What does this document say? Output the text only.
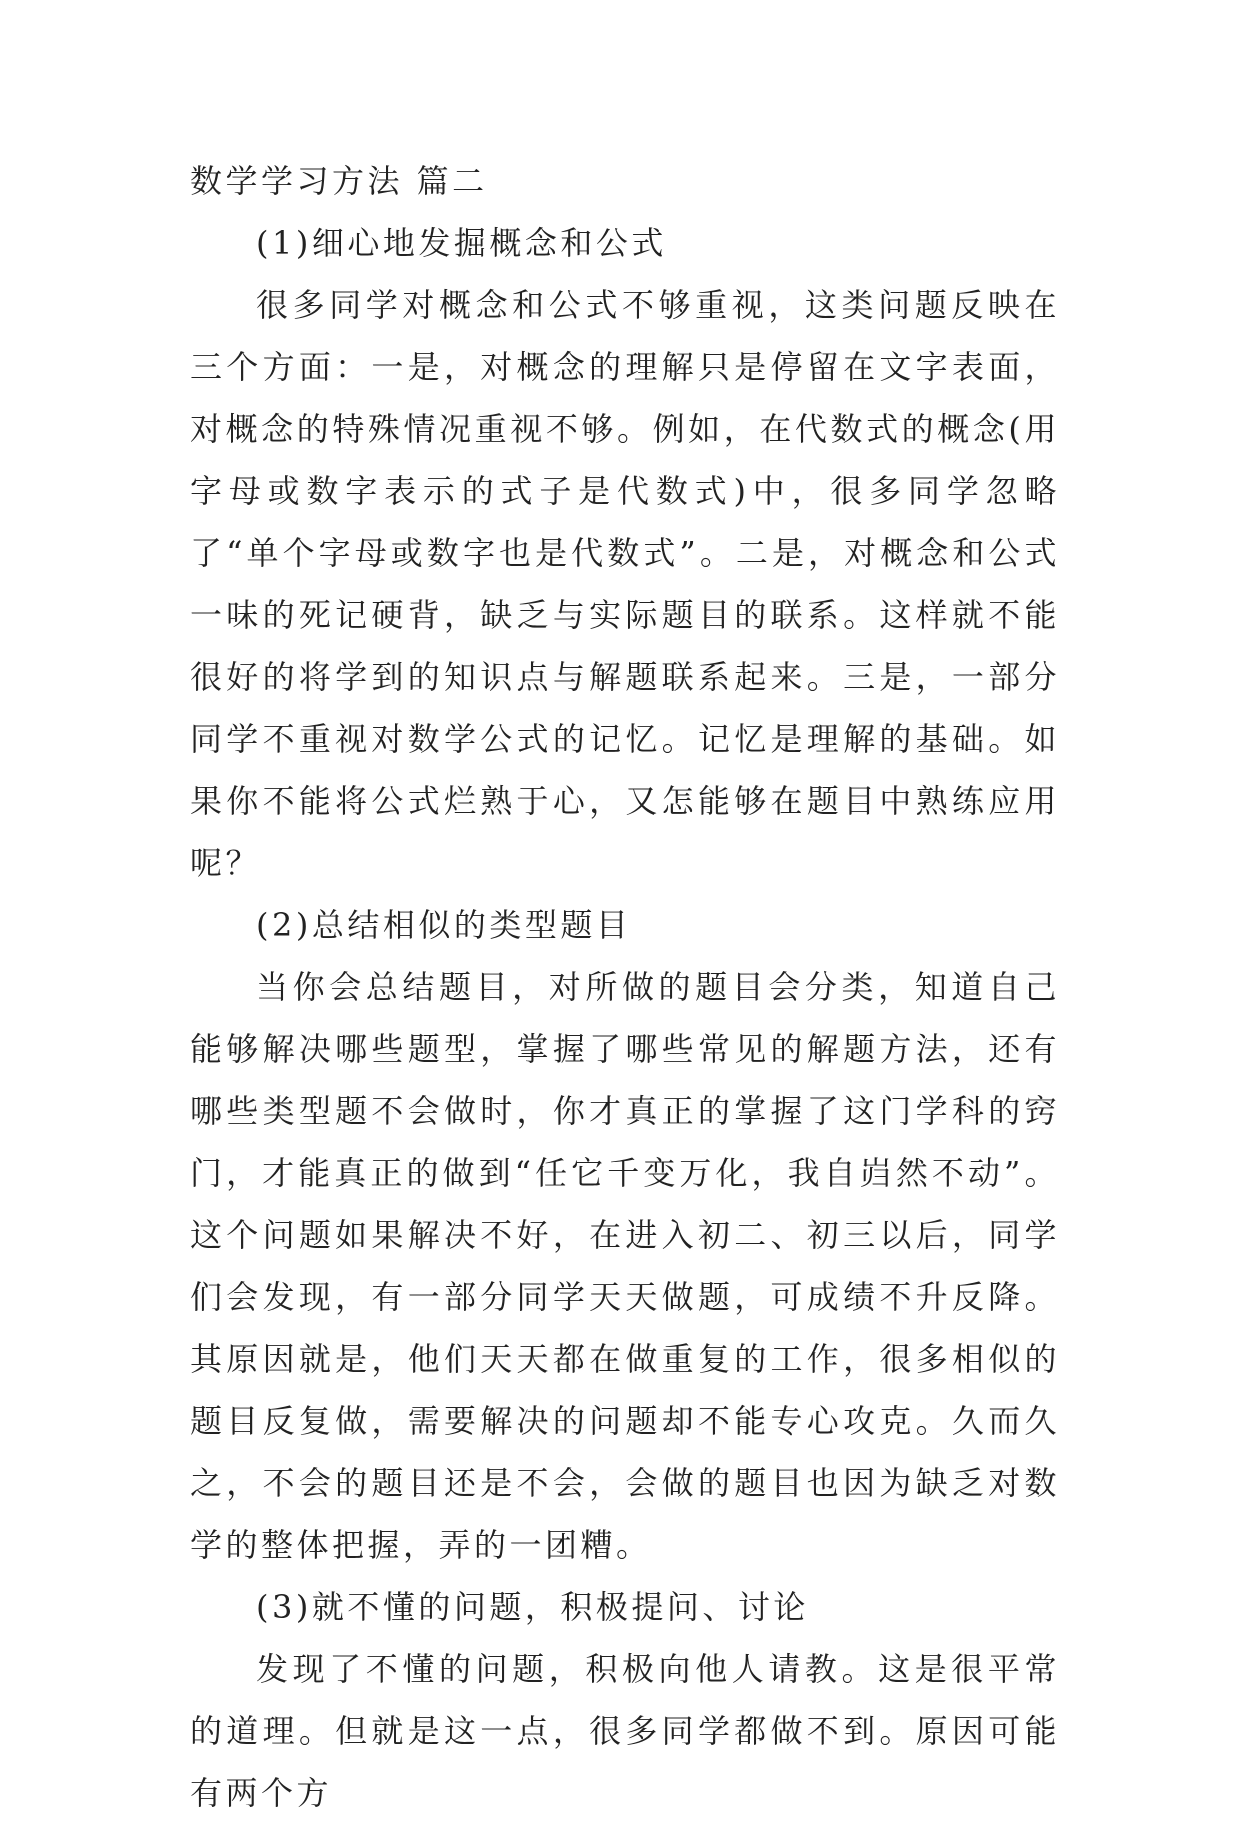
数学学习方法 篇二

(1)细心地发掘概念和公式

很多同学对概念和公式不够重视，这类问题反映在三个方面：一是，对概念的理解只是停留在文字表面，对概念的特殊情况重视不够。例如，在代数式的概念(用字母或数字表示的式子是代数式)中，很多同学忽略了“单个字母或数字也是代数式”。二是，对概念和公式一味的死记硬背，缺乏与实际题目的联系。这样就不能很好的将学到的知识点与解题联系起来。三是，一部分同学不重视对数学公式的记忆。记忆是理解的基础。如果你不能将公式烂熟于心，又怎能够在题目中熟练应用呢？

(2)总结相似的类型题目

当你会总结题目，对所做的题目会分类，知道自己能够解决哪些题型，掌握了哪些常见的解题方法，还有哪些类型题不会做时，你才真正的掌握了这门学科的窍门，才能真正的做到“任它千变万化，我自岿然不动”。这个问题如果解决不好，在进入初二、初三以后，同学们会发现，有一部分同学天天做题，可成绩不升反降。其原因就是，他们天天都在做重复的工作，很多相似的题目反复做，需要解决的问题却不能专心攻克。久而久之，不会的题目还是不会，会做的题目也因为缺乏对数学的整体把握，弄的一团糟。

(3)就不懂的问题，积极提问、讨论

发现了不懂的问题，积极向他人请教。这是很平常的道理。但就是这一点，很多同学都做不到。原因可能有两个方
